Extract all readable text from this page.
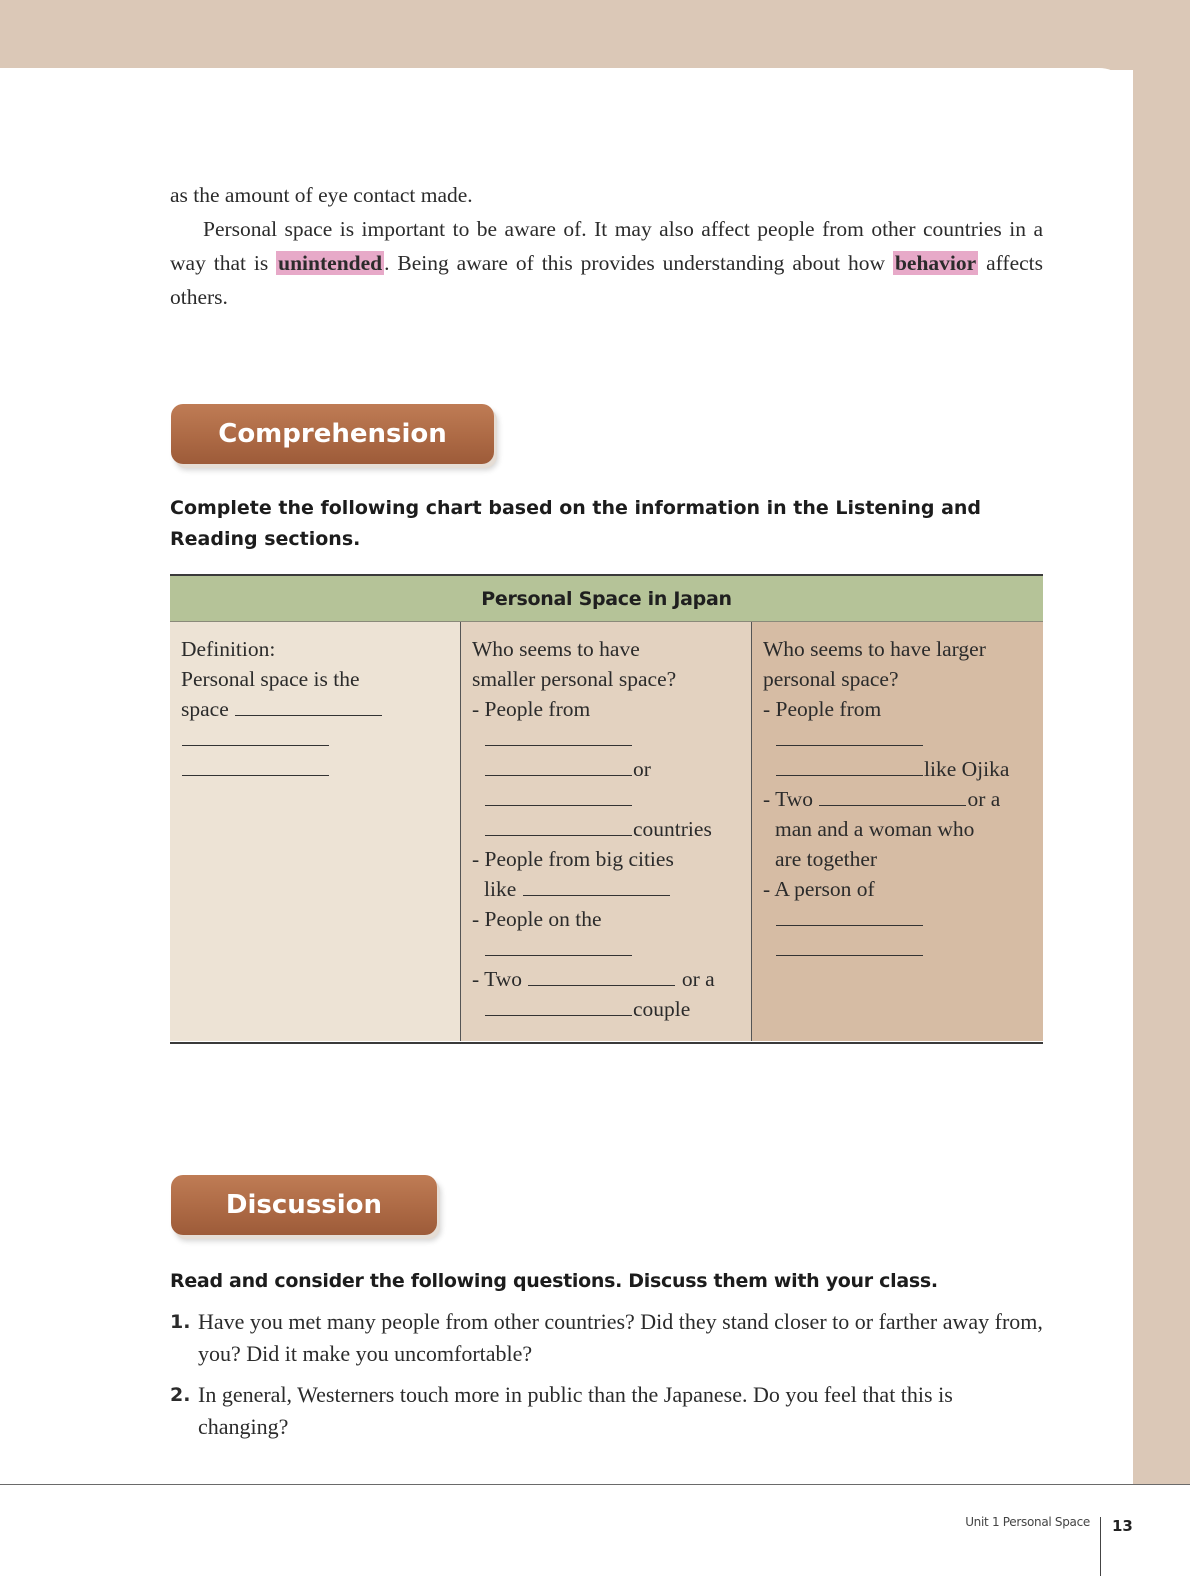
as the amount of eye contact made.
Personal space is important to be aware of. It may also affect people from other countries in a way that is unintended. Being aware of this provides understanding about how behavior affects others.
Comprehension
Complete the following chart based on the information in the Listening and Reading sections.
Personal Space in Japan
Definition:
Personal space is the
space
Who seems to have
smaller personal space?
- People from
or
countries
- People from big cities
like
- People on the
- Two	or a
couple
Who seems to have larger
personal space?
- People from
like Ojika
- Two	or a
man and a woman who
are together
- A person of
Discussion
Read and consider the following questions. Discuss them with your class.
1. Have you met many people from other countries? Did they stand closer to or farther away from, you? Did it make you uncomfortable?
2. In general, Westerners touch more in public than the Japanese. Do you feel that this is changing?
Unit 1 Personal Space 13
